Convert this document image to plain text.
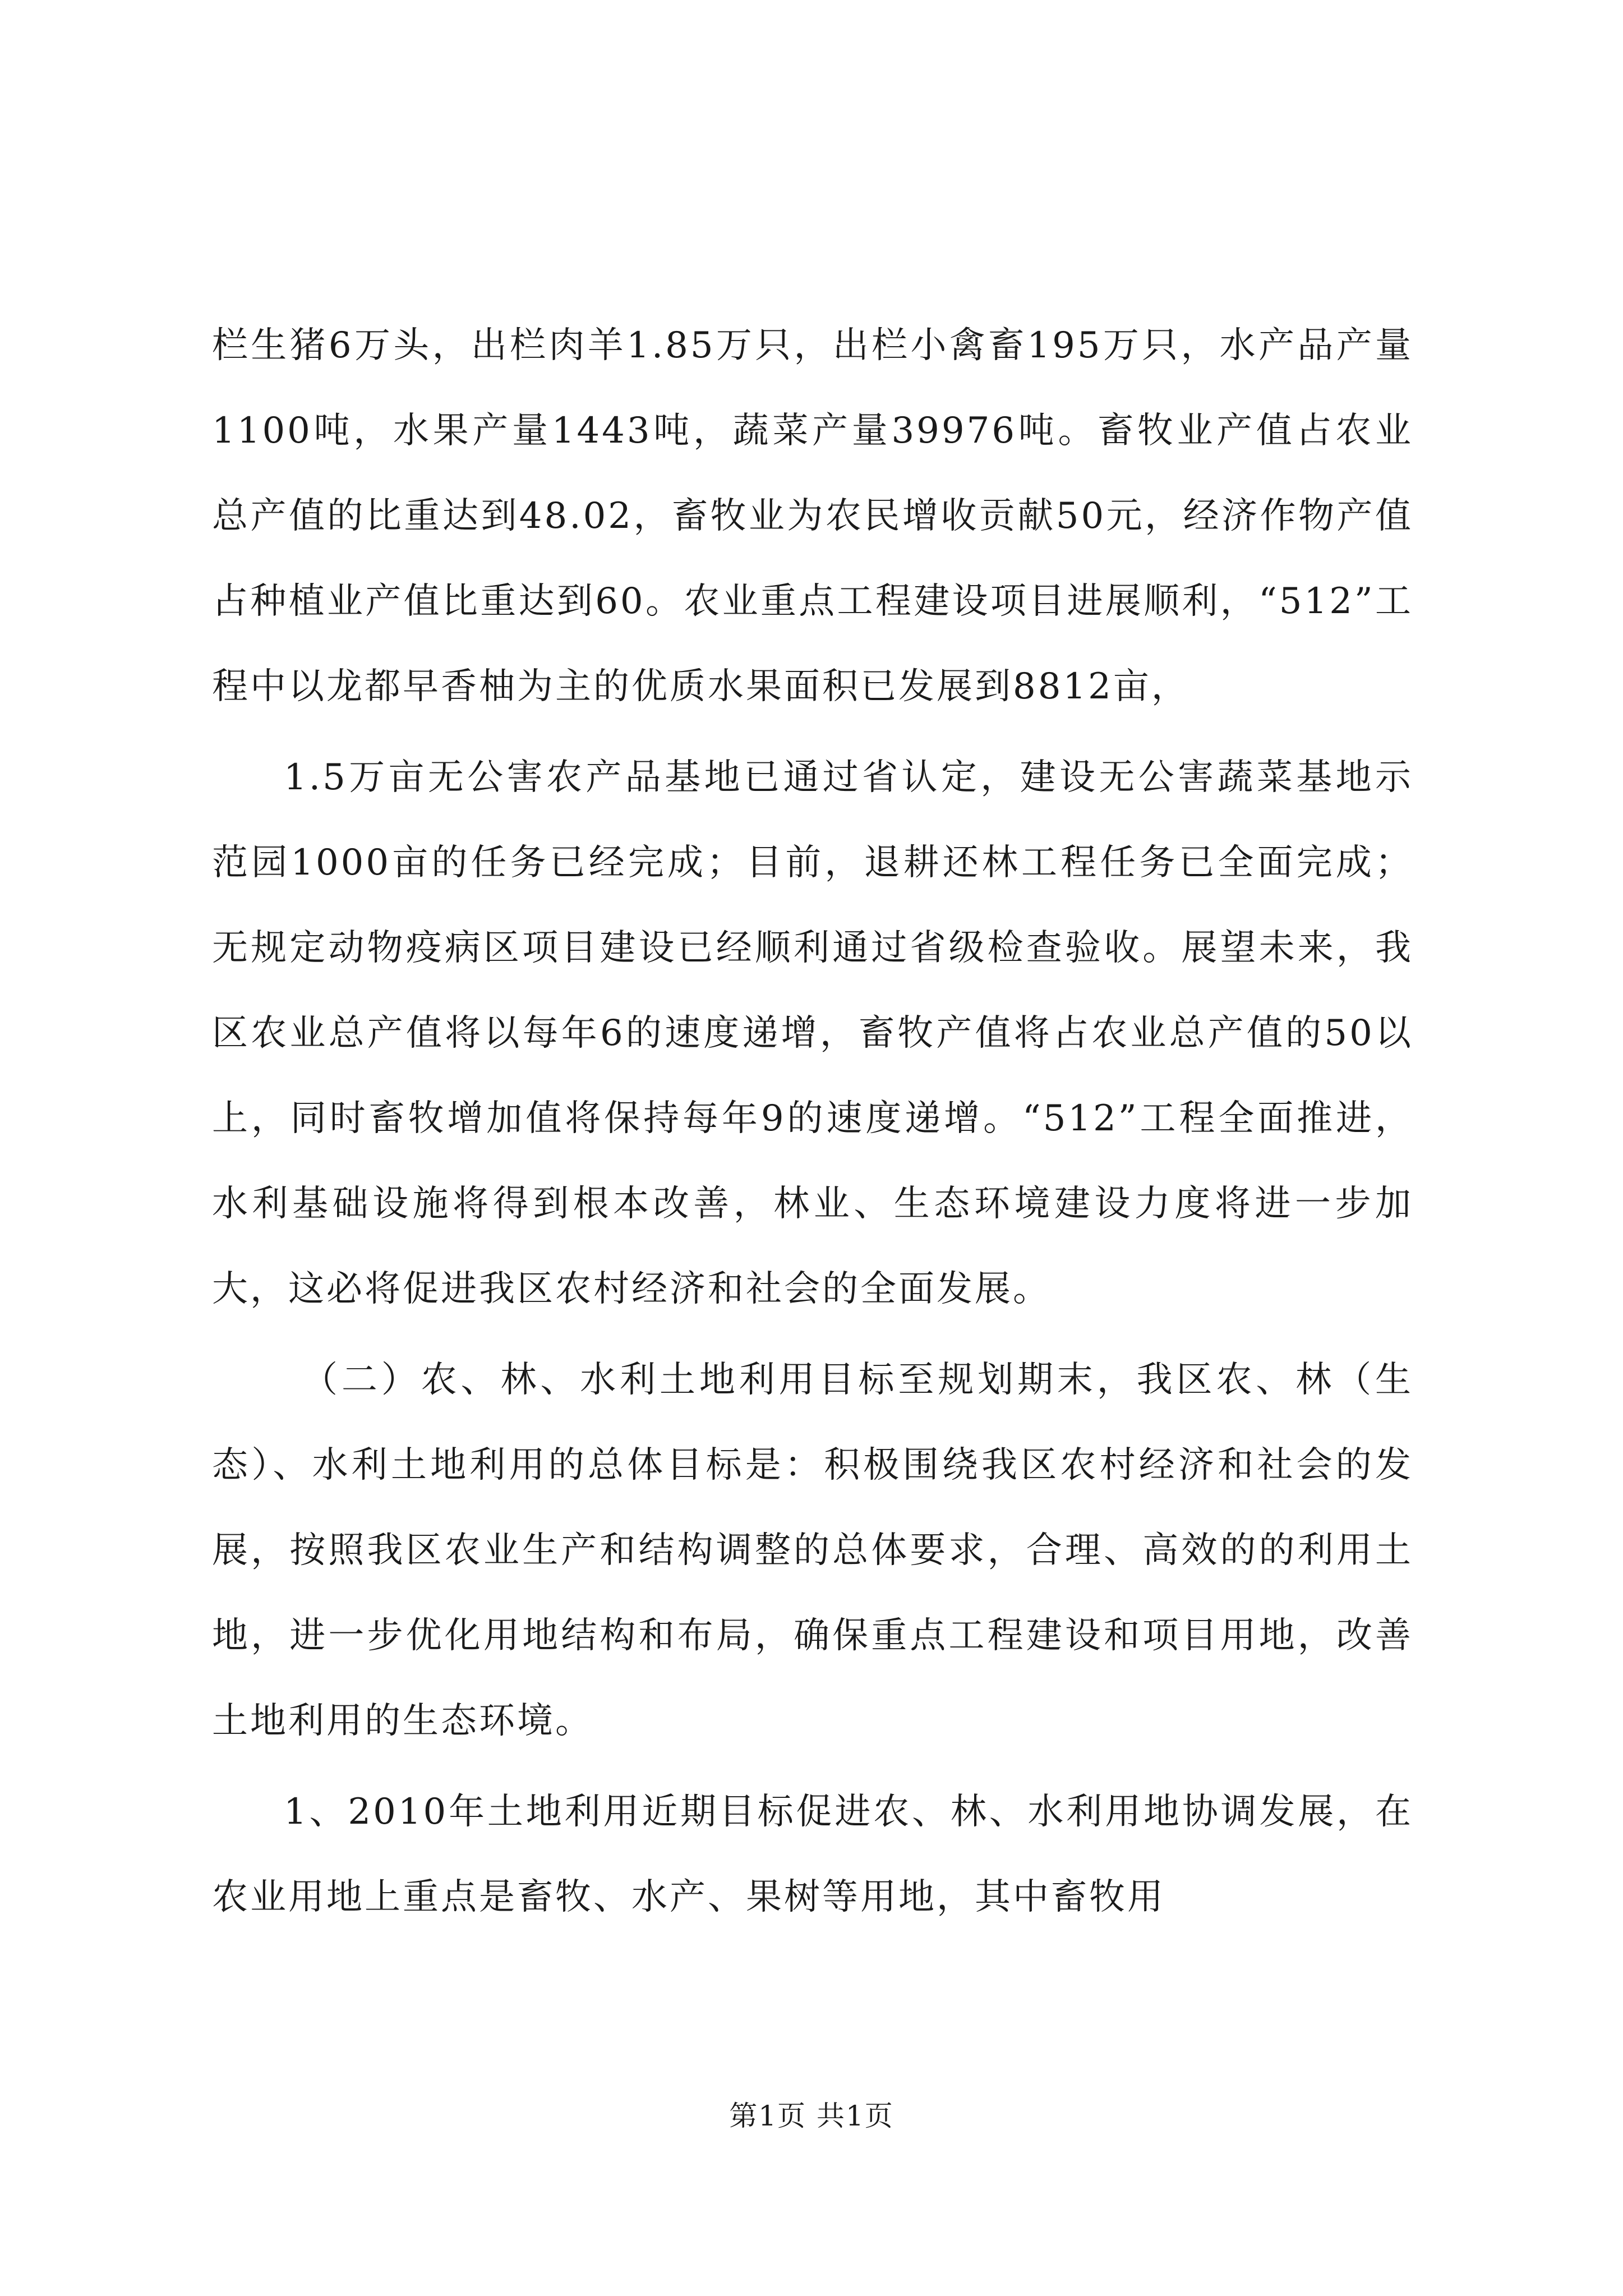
栏生猪6万头，出栏肉羊1.85万只，出栏小禽畜195万只，水产品产量1100吨，水果产量1443吨，蔬菜产量39976吨。畜牧业产值占农业总产值的比重达到48.02，畜牧业为农民增收贡献50元，经济作物产值占种植业产值比重达到60。农业重点工程建设项目进展顺利，“512”工程中以龙都早香柚为主的优质水果面积已发展到8812亩，

1.5万亩无公害农产品基地已通过省认定，建设无公害蔬菜基地示范园1000亩的任务已经完成；目前，退耕还林工程任务已全面完成；无规定动物疫病区项目建设已经顺利通过省级检查验收。展望未来，我区农业总产值将以每年6的速度递增，畜牧产值将占农业总产值的50以上，同时畜牧增加值将保持每年9的速度递增。“512”工程全面推进，水利基础设施将得到根本改善，林业、生态环境建设力度将进一步加大，这必将促进我区农村经济和社会的全面发展。

（二）农、林、水利土地利用目标至规划期末，我区农、林（生态）、水利土地利用的总体目标是：积极围绕我区农村经济和社会的发展，按照我区农业生产和结构调整的总体要求，合理、高效的的利用土地，进一步优化用地结构和布局，确保重点工程建设和项目用地，改善土地利用的生态环境。

1、2010年土地利用近期目标促进农、林、水利用地协调发展，在农业用地上重点是畜牧、水产、果树等用地，其中畜牧用

第1页 共1页
